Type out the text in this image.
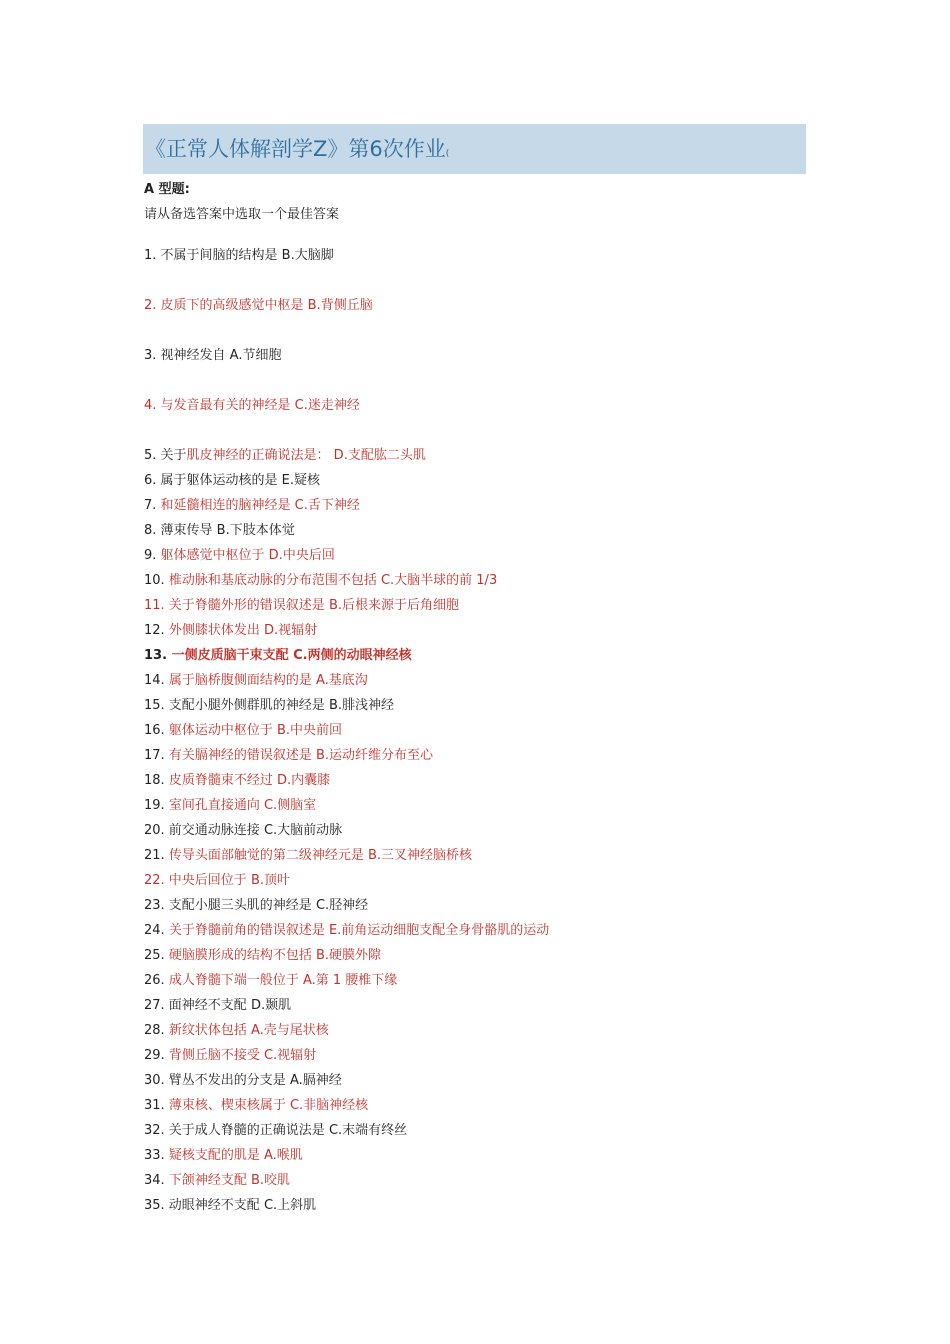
《正常人体解剖学Z》第6次作业(
A 型题:
请从备选答案中选取一个最佳答案
1. 不属于间脑的结构是 B.大脑脚
2. 皮质下的高级感觉中枢是 B.背侧丘脑
3. 视神经发自 A.节细胞
4. 与发音最有关的神经是 C.迷走神经
5. 关于肌皮神经的正确说法是： D.支配肱二头肌
6. 属于躯体运动核的是 E.疑核
7. 和延髓相连的脑神经是 C.舌下神经
8. 薄束传导 B.下肢本体觉
9. 躯体感觉中枢位于 D.中央后回
10. 椎动脉和基底动脉的分布范围不包括 C.大脑半球的前 1/3
11. 关于脊髓外形的错误叙述是 B.后根来源于后角细胞
12. 外侧膝状体发出 D.视辐射
13. 一侧皮质脑干束支配 C.两侧的动眼神经核
14. 属于脑桥腹侧面结构的是 A.基底沟
15. 支配小腿外侧群肌的神经是 B.腓浅神经
16. 躯体运动中枢位于 B.中央前回
17. 有关膈神经的错误叙述是 B.运动纤维分布至心
18. 皮质脊髓束不经过 D.内囊膝
19. 室间孔直接通向 C.侧脑室
20. 前交通动脉连接 C.大脑前动脉
21. 传导头面部触觉的第二级神经元是 B.三叉神经脑桥核
22. 中央后回位于 B.顶叶
23. 支配小腿三头肌的神经是 C.胫神经
24. 关于脊髓前角的错误叙述是 E.前角运动细胞支配全身骨骼肌的运动
25. 硬脑膜形成的结构不包括 B.硬膜外隙
26. 成人脊髓下端一般位于 A.第 1 腰椎下缘
27. 面神经不支配 D.颞肌
28. 新纹状体包括 A.壳与尾状核
29. 背侧丘脑不接受 C.视辐射
30. 臂丛不发出的分支是 A.膈神经
31. 薄束核、楔束核属于 C.非脑神经核
32. 关于成人脊髓的正确说法是 C.末端有终丝
33. 疑核支配的肌是 A.喉肌
34. 下颌神经支配 B.咬肌
35. 动眼神经不支配 C.上斜肌
